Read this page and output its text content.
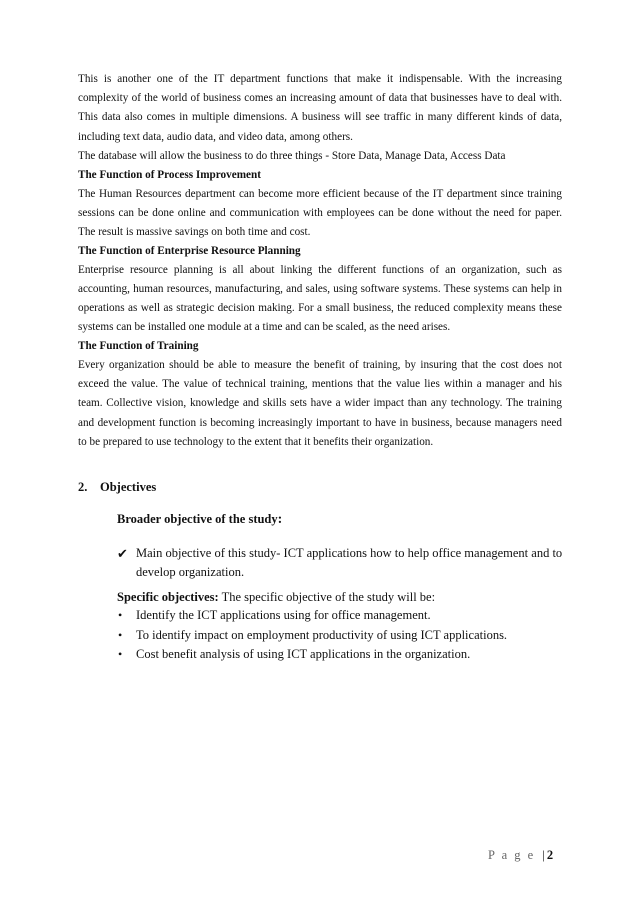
This is another one of the IT department functions that make it indispensable. With the increasing complexity of the world of business comes an increasing amount of data that businesses have to deal with. This data also comes in multiple dimensions. A business will see traffic in many different kinds of data, including text data, audio data, and video data, among others.

The database will allow the business to do three things - Store Data, Manage Data, Access Data

The Function of Process Improvement

The Human Resources department can become more efficient because of the IT department since training sessions can be done online and communication with employees can be done without the need for paper. The result is massive savings on both time and cost.

The Function of Enterprise Resource Planning

Enterprise resource planning is all about linking the different functions of an organization, such as accounting, human resources, manufacturing, and sales, using software systems. These systems can help in operations as well as strategic decision making. For a small business, the reduced complexity means these systems can be installed one module at a time and can be scaled, as the need arises.

The Function of Training

Every organization should be able to measure the benefit of training, by insuring that the cost does not exceed the value. The value of technical training, mentions that the value lies within a manager and his team. Collective vision, knowledge and skills sets have a wider impact than any technology. The training and development function is becoming increasingly important to have in business, because managers need to be prepared to use technology to the extent that it benefits their organization.

2. Objectives
Broader objective of the study:
✔ Main objective of this study- ICT applications how to help office management and to develop organization.
Specific objectives: The specific objective of the study will be:
• Identify the ICT applications using for office management.
• To identify impact on employment productivity of using ICT applications.
• Cost benefit analysis of using ICT applications in the organization.
P a g e | 2
